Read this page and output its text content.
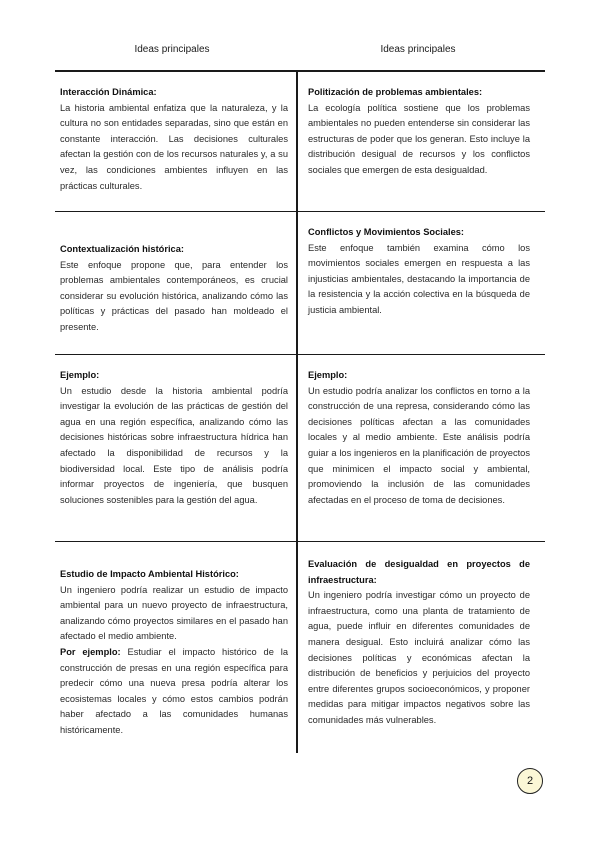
Ideas principales	Ideas principales
Interacción Dinámica:
La historia ambiental enfatiza que la naturaleza, y la cultura no son entidades separadas, sino que están en constante interacción. Las decisiones culturales afectan la gestión con de los recursos naturales y, a su vez, las condiciones ambientes influyen en las prácticas culturales.
Politización de problemas ambientales:
La ecología política sostiene que los problemas ambientales no pueden entenderse sin considerar las estructuras de poder que los generan. Esto incluye la distribución desigual de recursos y los conflictos sociales que emergen de esta desigualdad.
Contextualización histórica:
Este enfoque propone que, para entender los problemas ambientales contemporáneos, es crucial considerar su evolución histórica, analizando cómo las políticas y prácticas del pasado han moldeado el presente.
Conflictos y Movimientos Sociales:
Este enfoque también examina cómo los movimientos sociales emergen en respuesta a las injusticias ambientales, destacando la importancia de la resistencia y la acción colectiva en la búsqueda de justicia ambiental.
Ejemplo:
Un estudio desde la historia ambiental podría investigar la evolución de las prácticas de gestión del agua en una región específica, analizando cómo las decisiones históricas sobre infraestructura hídrica han afectado la disponibilidad de recursos y la biodiversidad local. Este tipo de análisis podría informar proyectos de ingeniería, que busquen soluciones sostenibles para la gestión del agua.
Ejemplo:
Un estudio podría analizar los conflictos en torno a la construcción de una represa, considerando cómo las decisiones políticas afectan a las comunidades locales y al medio ambiente. Este análisis podría guiar a los ingenieros en la planificación de proyectos que minimicen el impacto social y ambiental, promoviendo la inclusión de las comunidades afectadas en el proceso de toma de decisiones.
Estudio de Impacto Ambiental Histórico:
Un ingeniero podría realizar un estudio de impacto ambiental para un nuevo proyecto de infraestructura, analizando cómo proyectos similares en el pasado han afectado el medio ambiente.
Por ejemplo: Estudiar el impacto histórico de la construcción de presas en una región específica para predecir cómo una nueva presa podría alterar los ecosistemas locales y cómo estos cambios podrán haber afectado a las comunidades humanas históricamente.
Evaluación de desigualdad en proyectos de infraestructura:
Un ingeniero podría investigar cómo un proyecto de infraestructura, como una planta de tratamiento de agua, puede influir en diferentes comunidades de manera desigual. Esto incluirá analizar cómo las decisiones políticas y económicas afectan la distribución de beneficios y perjuicios del proyecto entre diferentes grupos socioeconómicos, y proponer medidas para mitigar impactos negativos sobre las comunidades más vulnerables.
2
